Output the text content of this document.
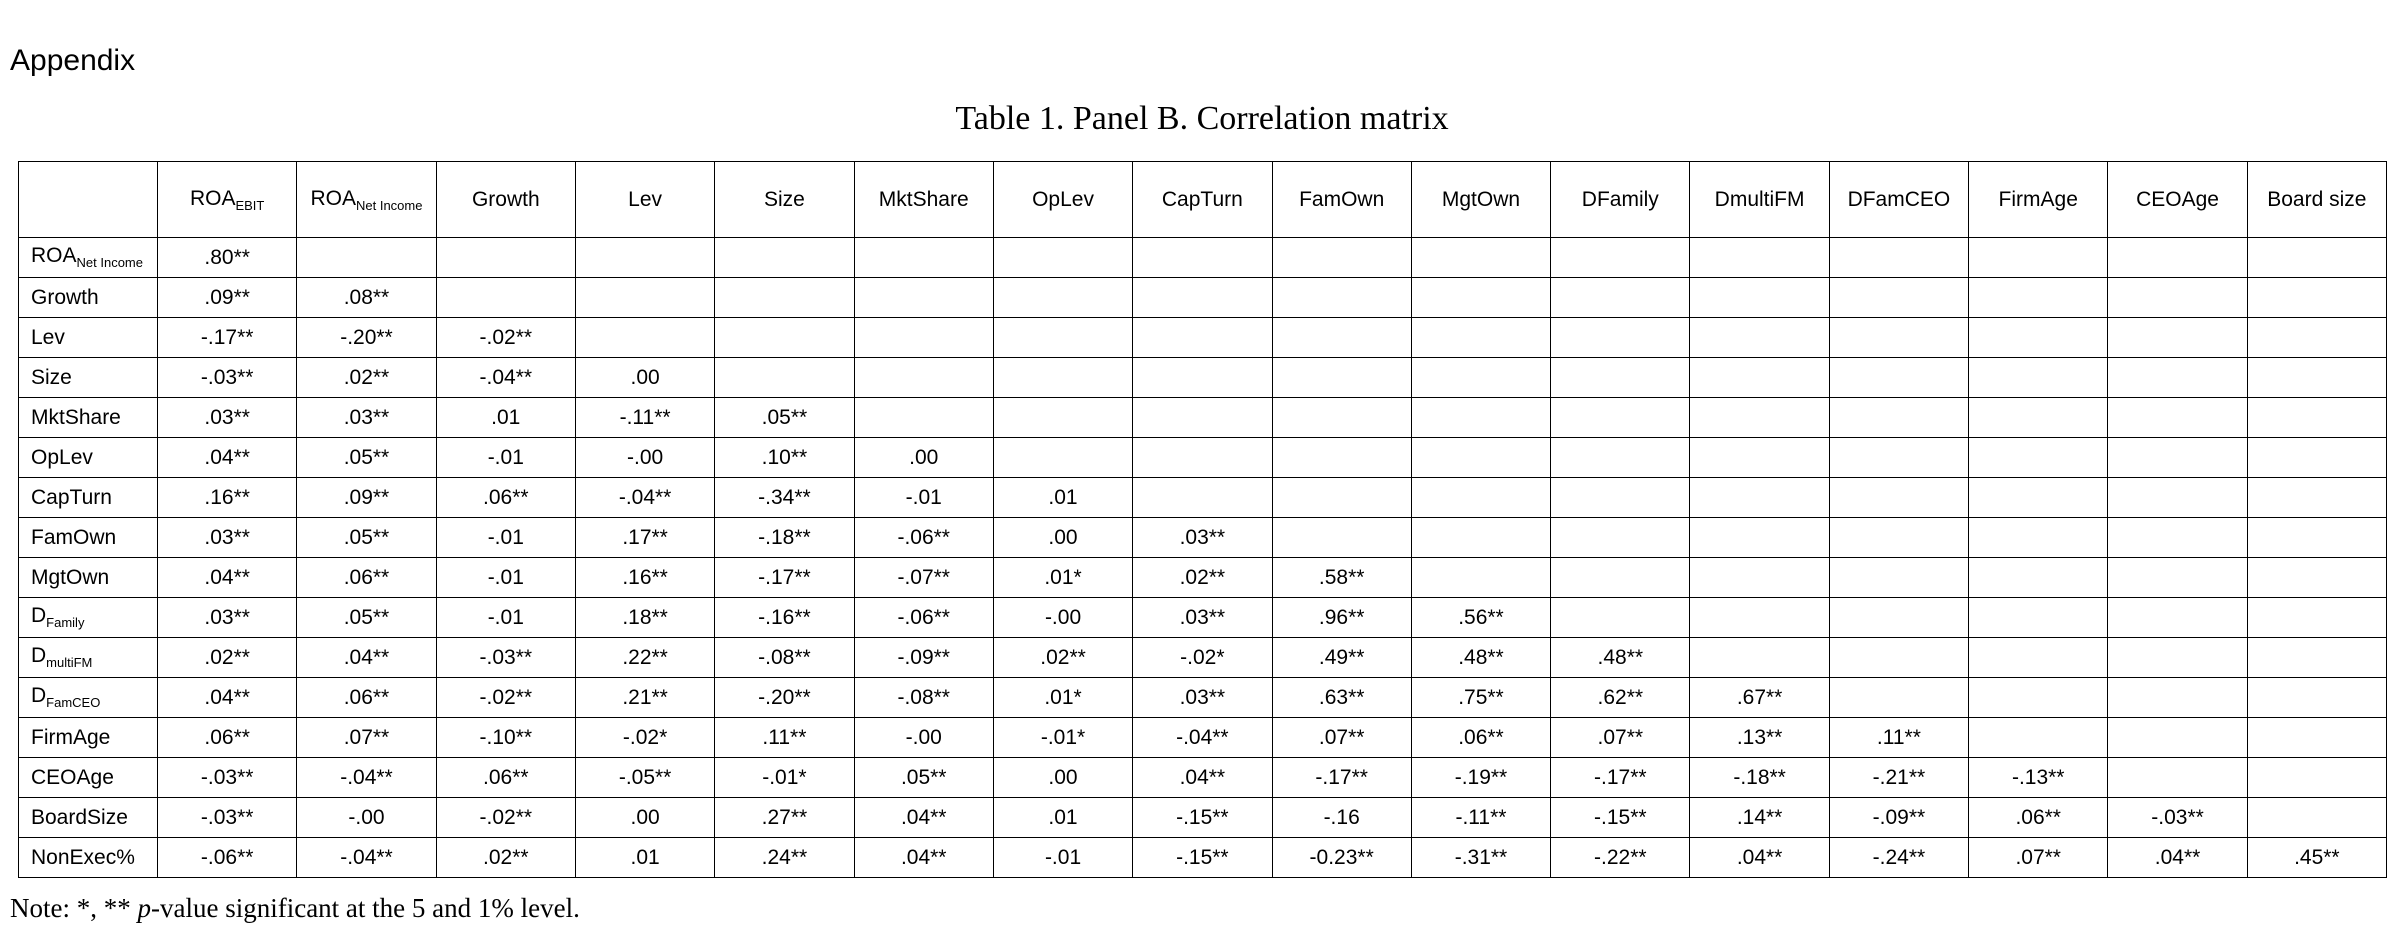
Appendix
Table 1. Panel B. Correlation matrix
	$ROA_{EBIT}$	$ROA_{Net Income}$	Growth	Lev	Size	MktShare	OpLev	CapTurn	FamOwn	MgtOwn	DFamily	DmultiFM	DFamCEO	FirmAge	CEOAge	Board size
$ROA_{Net Income}$	.80**															
Growth	.09**	.08**														
Lev	-.17**	-.20**	-.02**													
Size	-.03**	.02**	-.04**	.00												
MktShare	.03**	.03**	.01	-.11**	.05**											
OpLev	.04**	.05**	-.01	-.00	.10**	.00										
CapTurn	.16**	.09**	.06**	-.04**	-.34**	-.01	.01									
FamOwn	.03**	.05**	-.01	.17**	-.18**	-.06**	.00	.03**								
MgtOwn	.04**	.06**	-.01	.16**	-.17**	-.07**	.01*	.02**	.58**							
$D_{Family}$	.03**	.05**	-.01	.18**	-.16**	-.06**	-.00	.03**	.96**	.56**						
$D_{multiFM}$	.02**	.04**	-.03**	.22**	-.08**	-.09**	.02**	-.02*	.49**	.48**	.48**					
$D_{FamCEO}$	.04**	.06**	-.02**	.21**	-.20**	-.08**	.01*	.03**	.63**	.75**	.62**	.67**				
FirmAge	.06**	.07**	-.10**	-.02*	.11**	-.00	-.01*	-.04**	.07**	.06**	.07**	.13**	.11**			
CEOAge	-.03**	-.04**	.06**	-.05**	-.01*	.05**	.00	.04**	-.17**	-.19**	-.17**	-.18**	-.21**	-.13**		
BoardSize	-.03**	-.00	-.02**	.00	.27**	.04**	.01	-.15**	-.16	-.11**	-.15**	.14**	-.09**	.06**	-.03**	
NonExec%	-.06**	-.04**	.02**	.01	.24**	.04**	-.01	-.15**	-0.23**	-.31**	-.22**	.04**	-.24**	.07**	.04**	.45**
Note: *, ** p-value significant at the 5 and 1% level.
